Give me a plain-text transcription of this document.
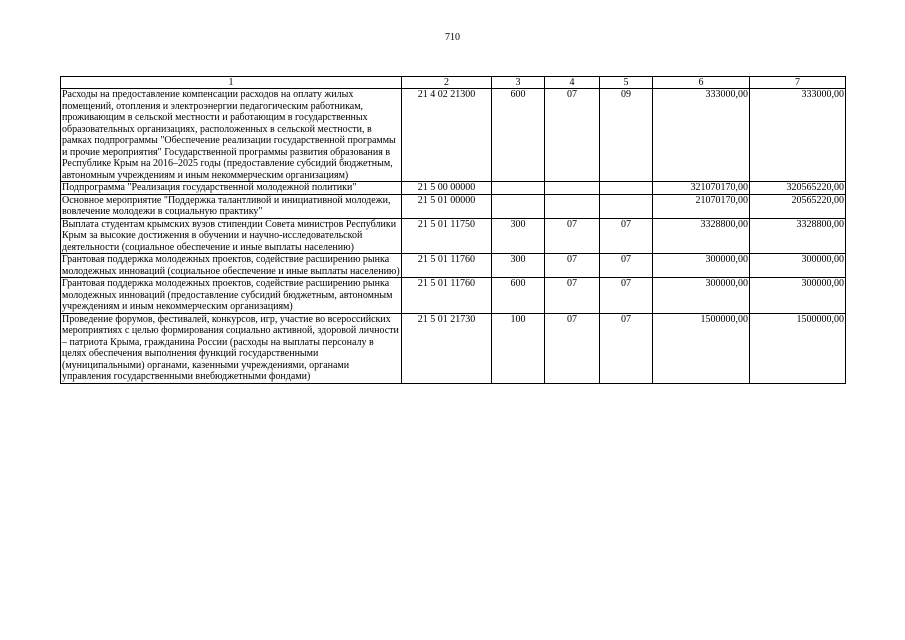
710
1	2	3	4	5	6	7
Расходы на предоставление компенсации расходов на оплату жилых помещений, отопления и электроэнергии педагогическим работникам, проживающим в сельской местности и работающим в государственных образовательных организациях, расположенных в сельской местности, в рамках подпрограммы "Обеспечение реализации государственной программы и прочие мероприятия" Государственной программы развития образования в Республике Крым на 2016–2025 годы (предоставление субсидий бюджетным, автономным учреждениям и иным некоммерческим организациям)	21 4 02 21300	600	07	09	333000,00	333000,00
Подпрограмма "Реализация государственной молодежной политики"	21 5 00 00000				321070170,00	320565220,00
Основное мероприятие "Поддержка талантливой и инициативной молодежи, вовлечение молодежи в социальную практику"	21 5 01 00000				21070170,00	20565220,00
Выплата студентам крымских вузов стипендии Совета министров Республики Крым за высокие достижения в обучении и научно-исследовательской деятельности (социальное обеспечение и иные выплаты населению)	21 5 01 11750	300	07	07	3328800,00	3328800,00
Грантовая поддержка молодежных проектов, содействие расширению рынка молодежных инноваций (социальное обеспечение и иные выплаты населению)	21 5 01 11760	300	07	07	300000,00	300000,00
Грантовая поддержка молодежных проектов, содействие расширению рынка молодежных инноваций (предоставление субсидий бюджетным, автономным учреждениям и иным некоммерческим организациям)	21 5 01 11760	600	07	07	300000,00	300000,00
Проведение форумов, фестивалей, конкурсов, игр, участие во всероссийских мероприятиях с целью формирования социально активной, здоровой личности – патриота Крыма, гражданина России (расходы на выплаты персоналу в целях обеспечения выполнения функций государственными (муниципальными) органами, казенными учреждениями, органами управления государственными внебюджетными фондами)	21 5 01 21730	100	07	07	1500000,00	1500000,00
